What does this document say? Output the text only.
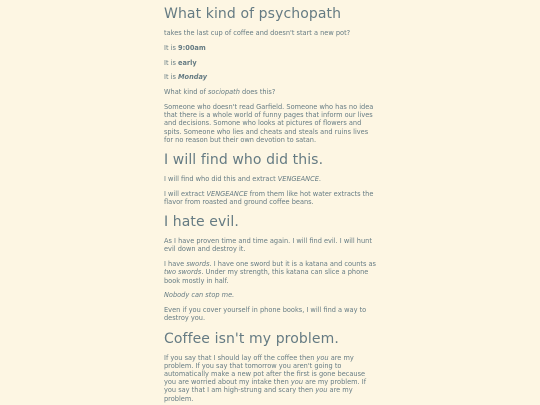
What kind of psychopath

takes the last cup of coffee and doesn't start a new pot?

It is 9:00am

It is early

It is Monday

What kind of sociopath does this?

Someone who doesn't read Garfield. Someone who has no idea that there is a whole world of funny pages that inform our lives and decisions. Somone who looks at pictures of flowers and spits. Someone who lies and cheats and steals and ruins lives for no reason but their own devotion to satan.

I will find who did this.

I will find who did this and extract VENGEANCE.

I will extract VENGEANCE from them like hot water extracts the flavor from roasted and ground coffee beans.

I hate evil.

As I have proven time and time again. I will find evil. I will hunt evil down and destroy it.

I have swords. I have one sword but it is a katana and counts as two swords. Under my strength, this katana can slice a phone book mostly in half.

Nobody can stop me.

Even if you cover yourself in phone books, I will find a way to destroy you.

Coffee isn't my problem.

If you say that I should lay off the coffee then you are my problem. If you say that tomorrow you aren't going to automatically make a new pot after the first is gone because you are worried about my intake then you are my problem. If you say that I am high-strung and scary then you are my problem.
